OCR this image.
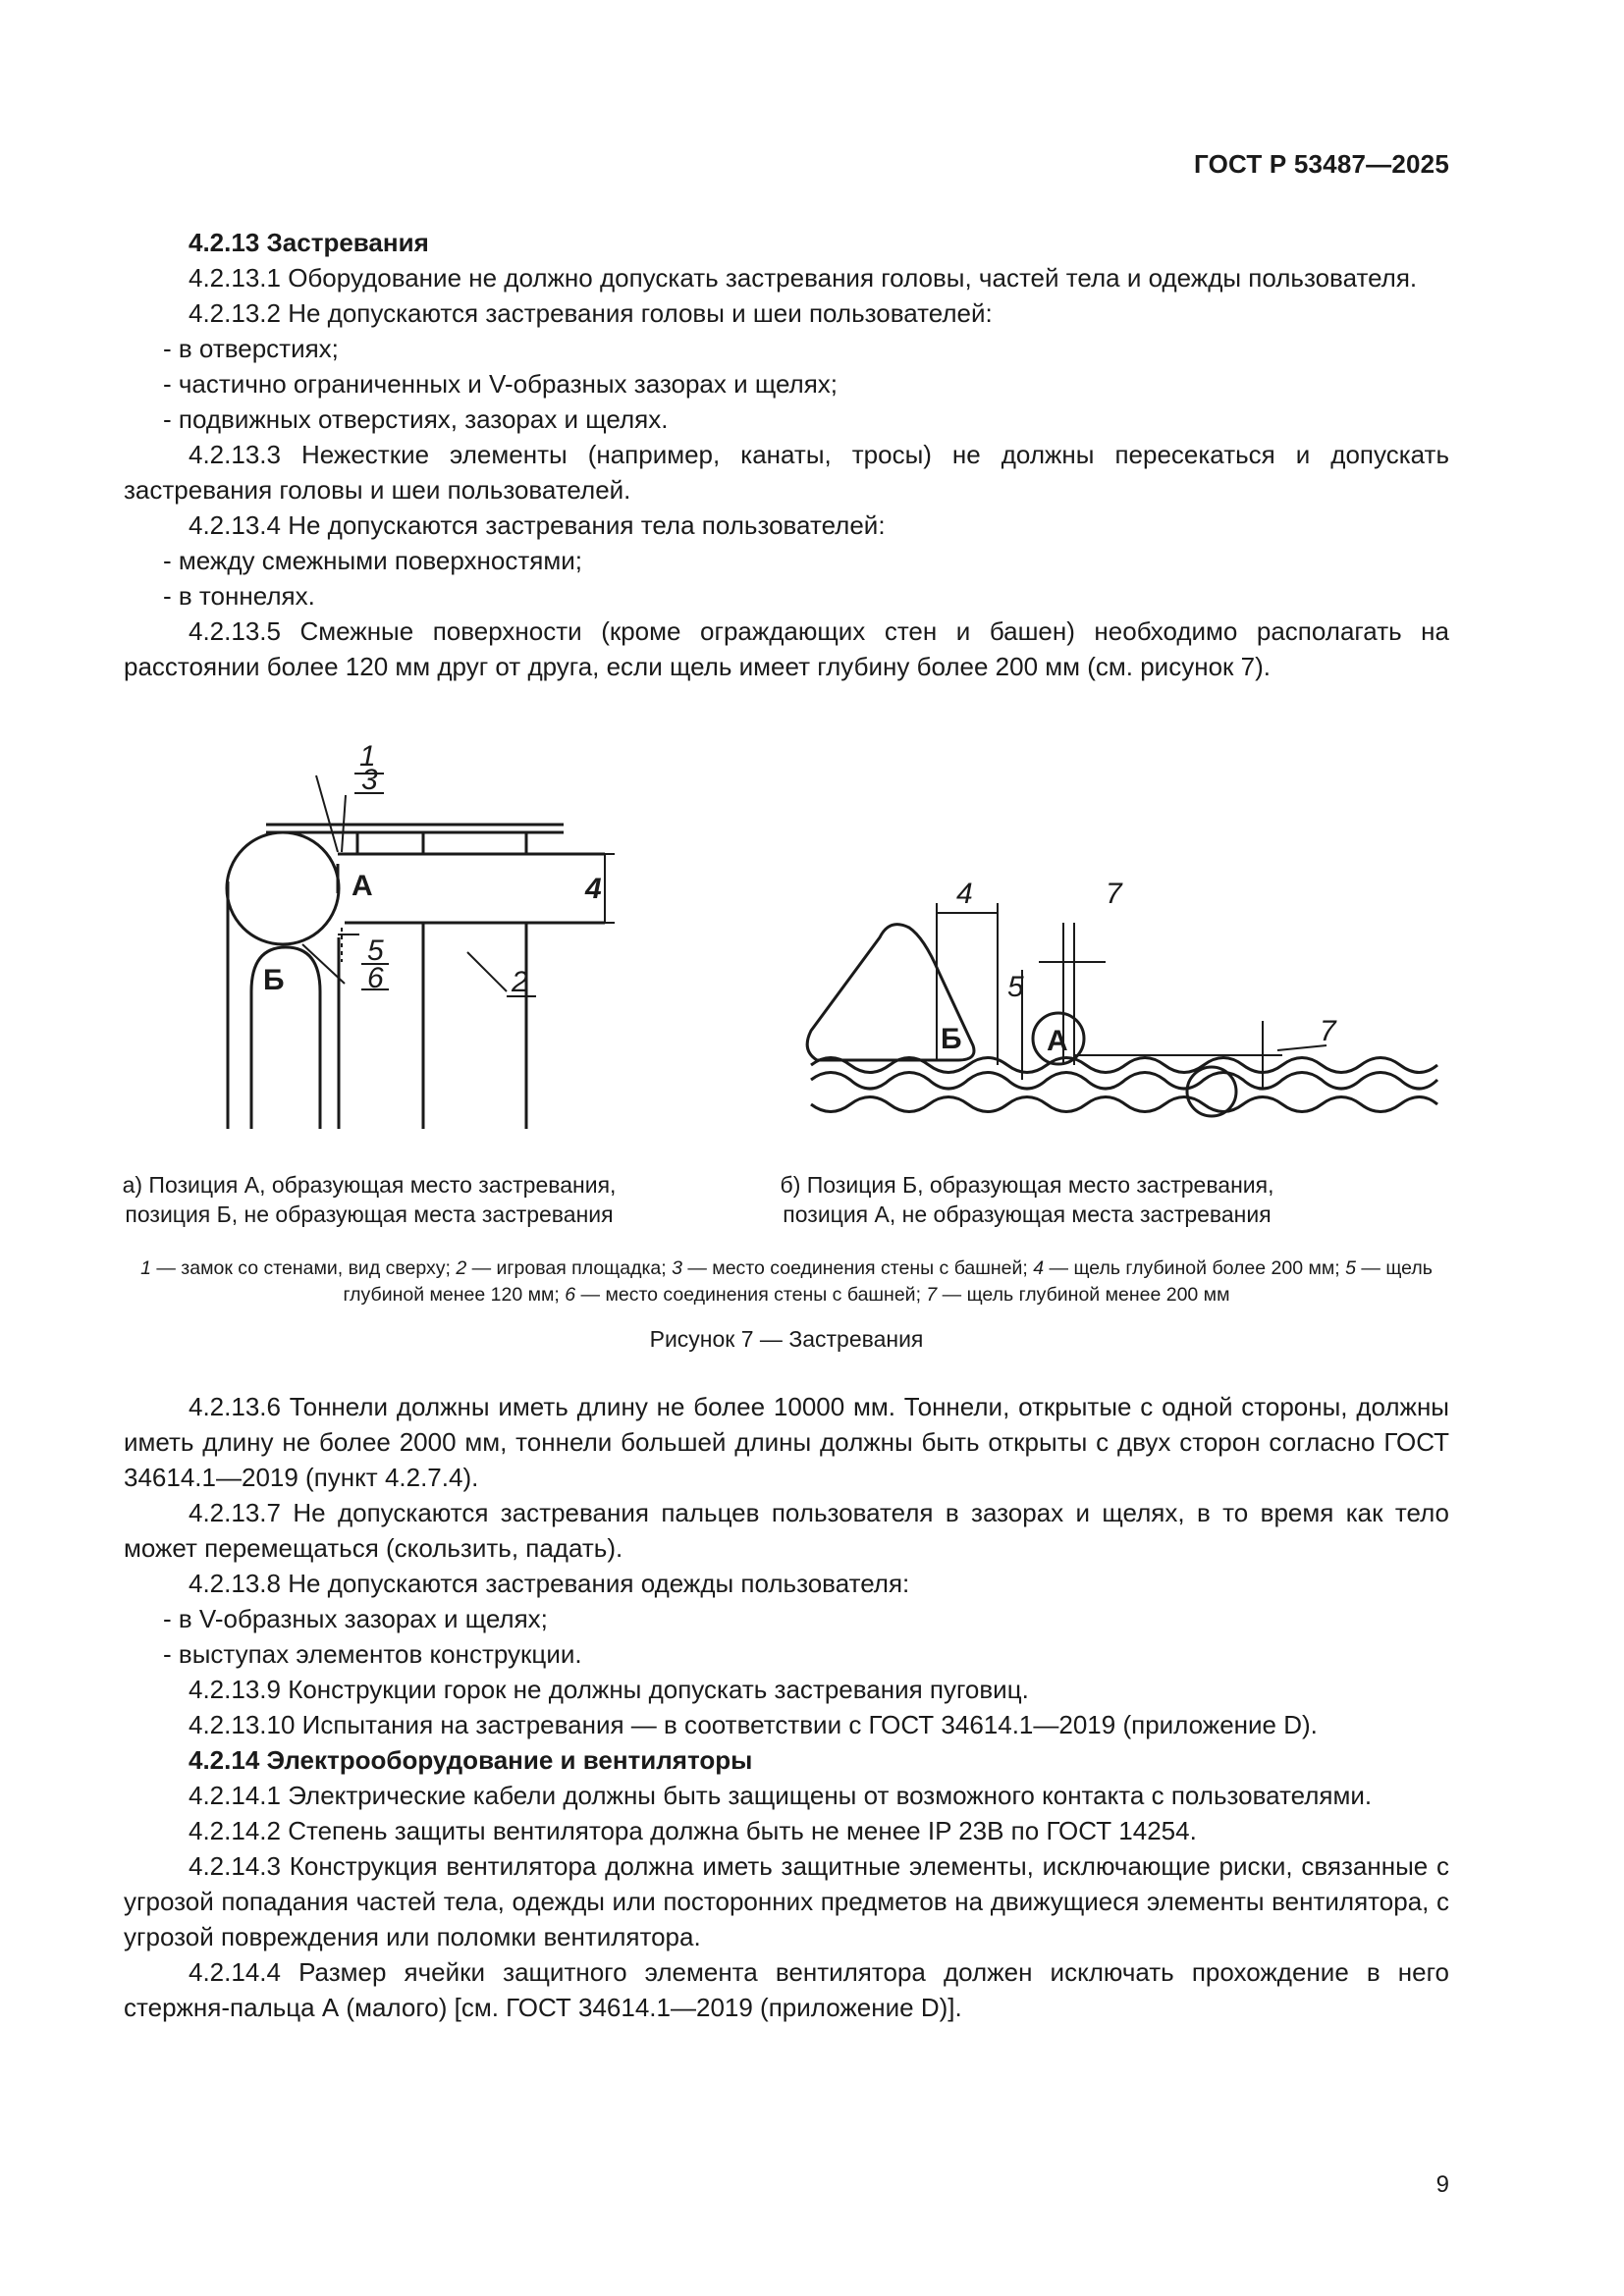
ГОСТ Р 53487—2025

4.2.13 Застревания

4.2.13.1 Оборудование не должно допускать застревания головы, частей тела и одежды пользователя.

4.2.13.2 Не допускаются застревания головы и шеи пользователей:

- в отверстиях;

- частично ограниченных и V-образных зазорах и щелях;

- подвижных отверстиях, зазорах и щелях.

4.2.13.3 Нежесткие элементы (например, канаты, тросы) не должны пересекаться и допускать застревания головы и шеи пользователей.

4.2.13.4 Не допускаются застревания тела пользователей:

- между смежными поверхностями;

- в тоннелях.

4.2.13.5 Смежные поверхности (кроме ограждающих стен и башен) необходимо располагать на расстоянии более 120 мм друг от друга, если щель имеет глубину более 200 мм (см. рисунок 7).

1
3
4
5
6	2
4	7
5
7
А
Б
Б	А
а) Позиция А, образующая место застревания,
позиция Б, не образующая места застревания
б) Позиция Б, образующая место застревания,
позиция А, не образующая места застревания
1 — замок со стенами, вид сверху; 2 — игровая площадка; 3 — место соединения стены с башней; 4 — щель глубиной более 200 мм; 5 — щель глубиной менее 120 мм; 6 — место соединения стены с башней; 7 — щель глубиной менее 200 мм
Рисунок 7 — Застревания

4.2.13.6 Тоннели должны иметь длину не более 10000 мм. Тоннели, открытые с одной стороны, должны иметь длину не более 2000 мм, тоннели большей длины должны быть открыты с двух сторон согласно ГОСТ 34614.1—2019 (пункт 4.2.7.4).

4.2.13.7 Не допускаются застревания пальцев пользователя в зазорах и щелях, в то время как тело может перемещаться (скользить, падать).

4.2.13.8 Не допускаются застревания одежды пользователя:

- в V-образных зазорах и щелях;

- выступах элементов конструкции.

4.2.13.9 Конструкции горок не должны допускать застревания пуговиц.

4.2.13.10 Испытания на застревания — в соответствии с ГОСТ 34614.1—2019 (приложение D).

4.2.14 Электрооборудование и вентиляторы

4.2.14.1 Электрические кабели должны быть защищены от возможного контакта с пользователями.

4.2.14.2 Степень защиты вентилятора должна быть не менее IP 23B по ГОСТ 14254.

4.2.14.3 Конструкция вентилятора должна иметь защитные элементы, исключающие риски, связанные с угрозой попадания частей тела, одежды или посторонних предметов на движущиеся элементы вентилятора, с угрозой повреждения или поломки вентилятора.

4.2.14.4 Размер ячейки защитного элемента вентилятора должен исключать прохождение в него стержня-пальца А (малого) [см. ГОСТ 34614.1—2019 (приложение D)].

9
